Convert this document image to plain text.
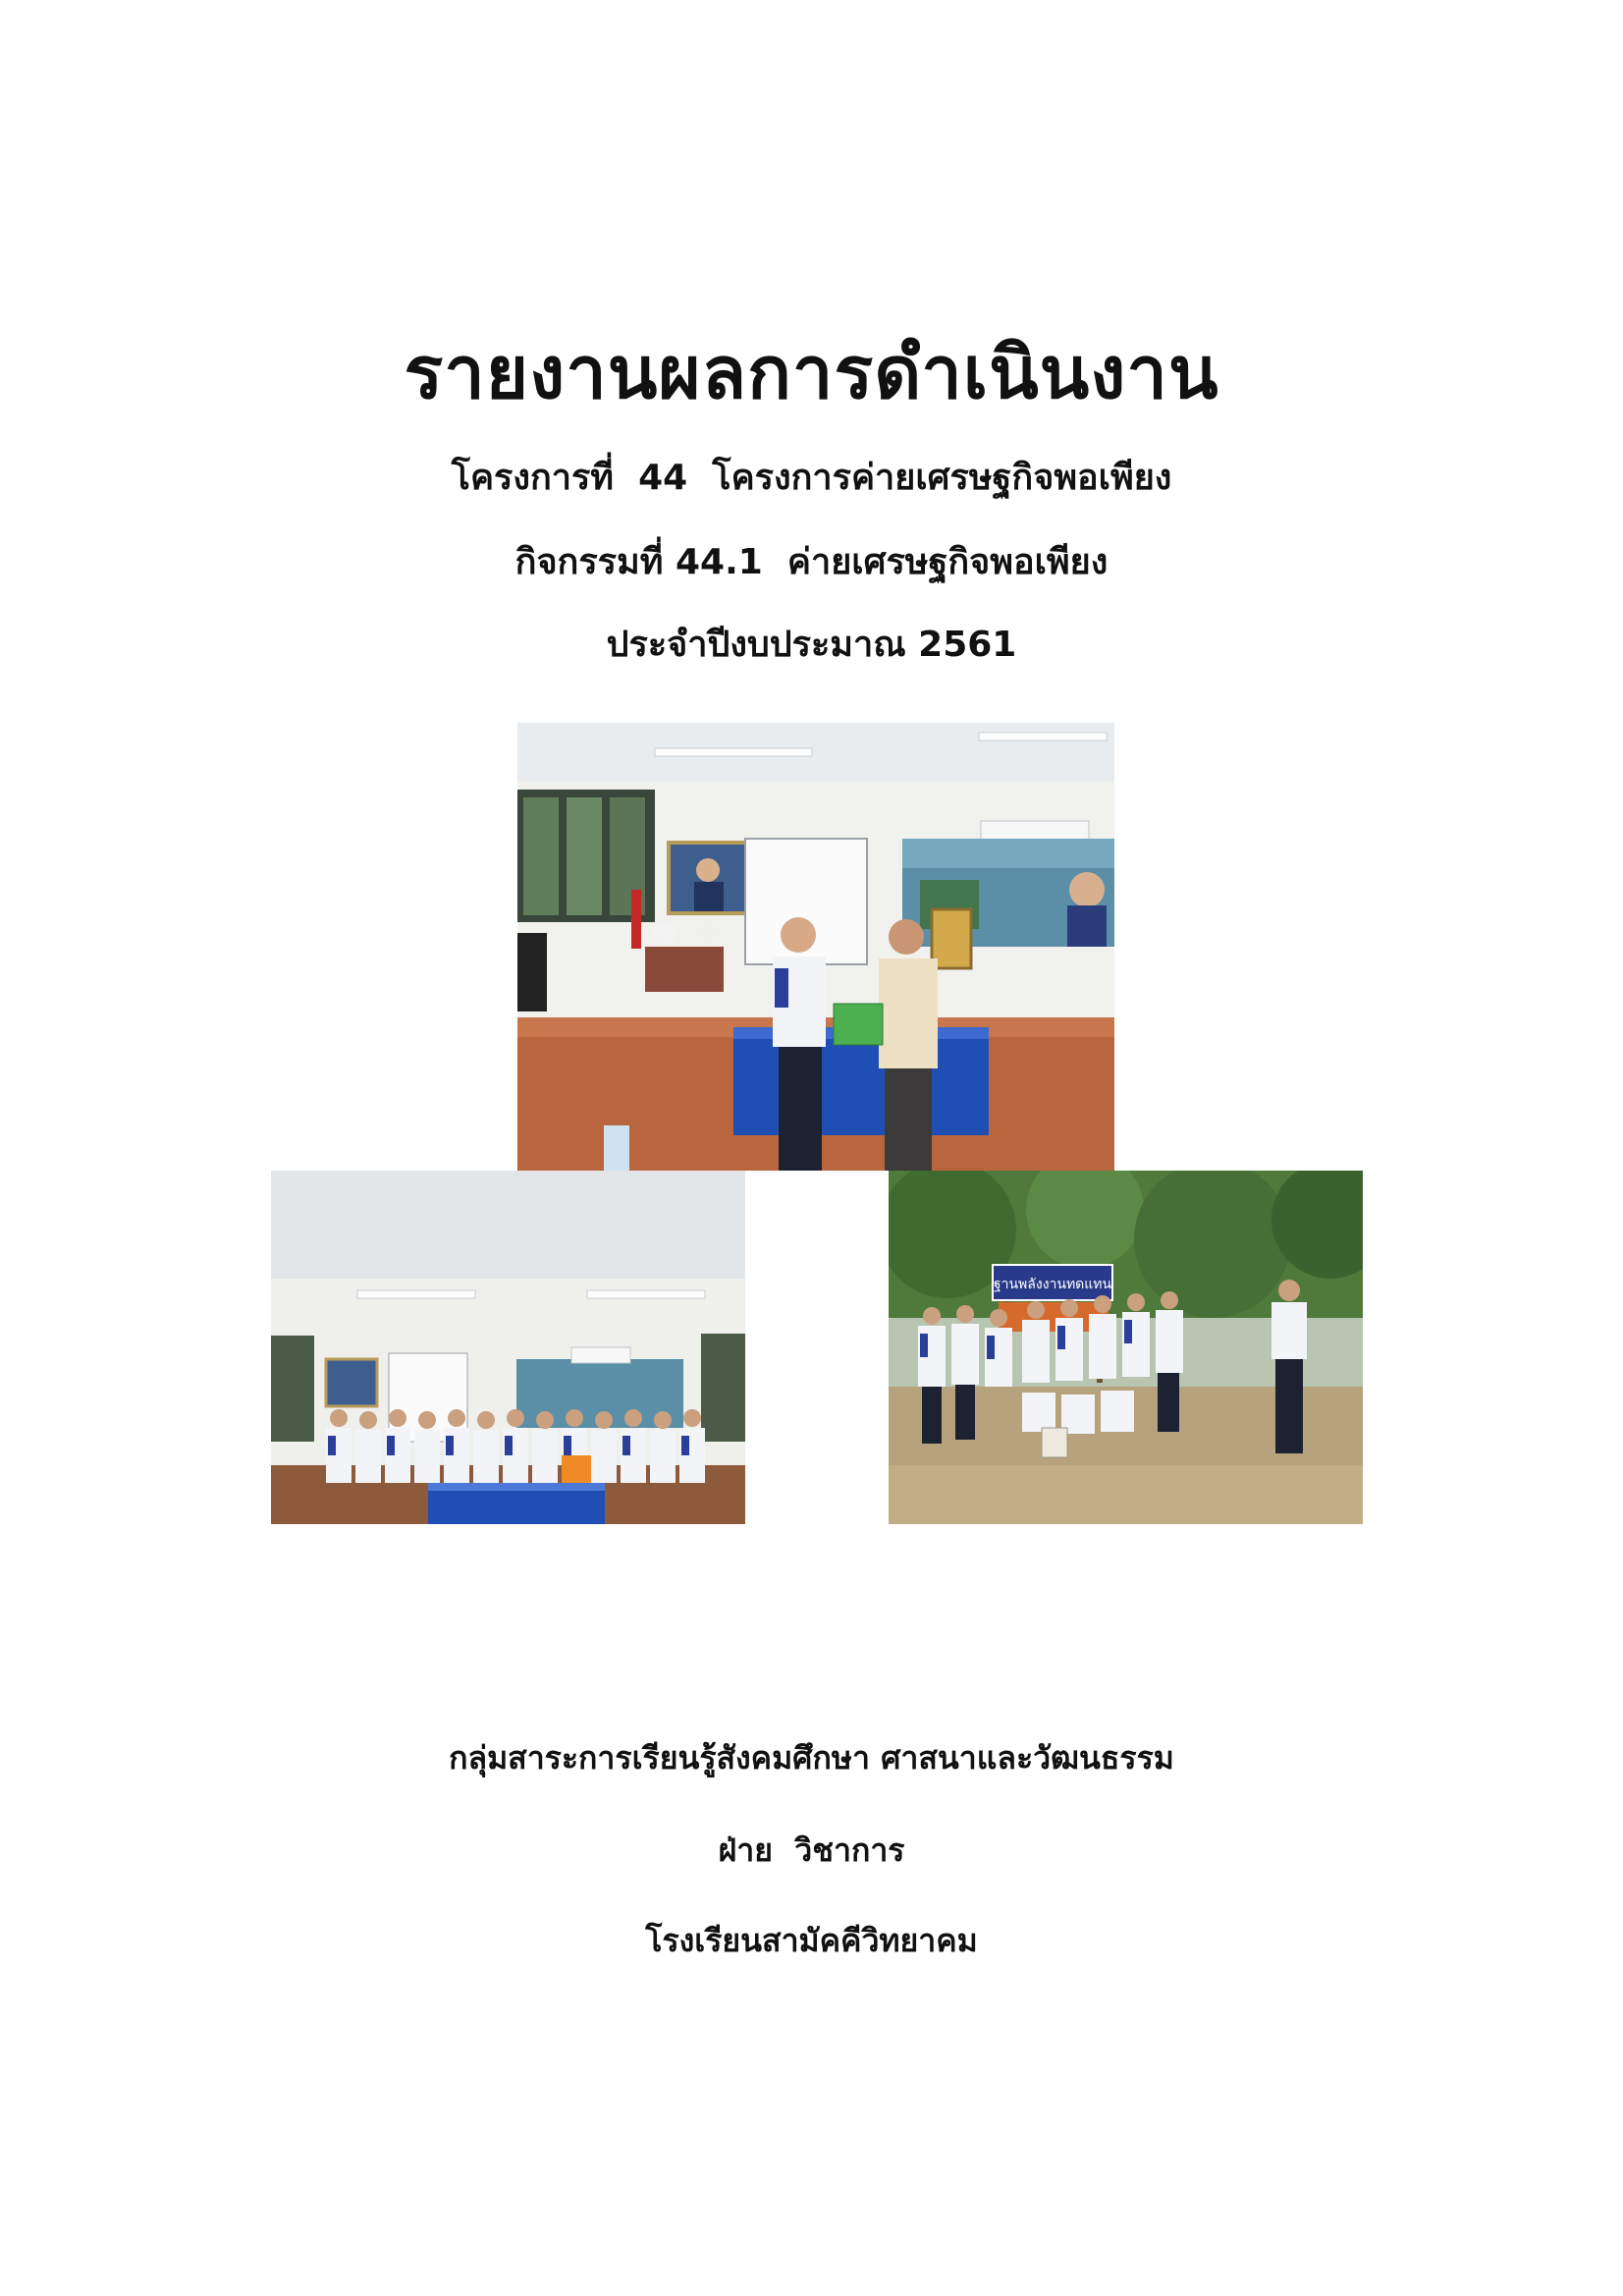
รายงานผลการดำเนินงาน
โครงการที่  44  โครงการค่ายเศรษฐกิจพอเพียง
กิจกรรมที่ 44.1  ค่ายเศรษฐกิจพอเพียง
ประจำปีงบประมาณ 2561
ฐานพลังงานทดแทน
กลุ่มสาระการเรียนรู้สังคมศึกษา ศาสนาและวัฒนธรรม
ฝ่าย  วิชาการ
โรงเรียนสามัคคีวิทยาคม
